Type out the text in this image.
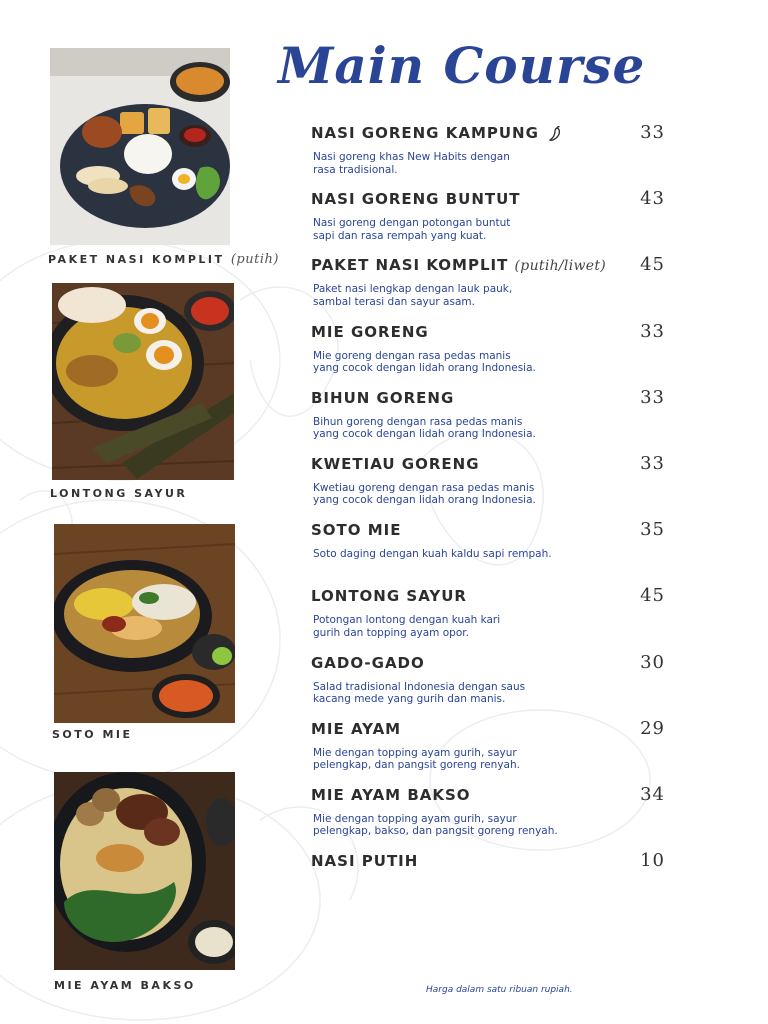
Main Course
PAKET NASI KOMPLIT (putih)
LONTONG SAYUR
SOTO MIE
MIE AYAM BAKSO
NASI GORENG KAMPUNG	33
Nasi goreng khas New Habits dengan
rasa tradisional.
NASI GORENG BUNTUT	43
Nasi goreng dengan potongan buntut
sapi dan rasa rempah yang kuat.
PAKET NASI KOMPLIT (putih/liwet) 45
Paket nasi lengkap dengan lauk pauk,
sambal terasi dan sayur asam.
MIE GORENG	33
Mie goreng dengan rasa pedas manis
yang cocok dengan lidah orang Indonesia.
BIHUN GORENG	33
Bihun goreng dengan rasa pedas manis
yang cocok dengan lidah orang Indonesia.
KWETIAU GORENG	33
Kwetiau goreng dengan rasa pedas manis
yang cocok dengan lidah orang Indonesia.
SOTO MIE	35
Soto daging dengan kuah kaldu sapi rempah.
LONTONG SAYUR	45
Potongan lontong dengan kuah kari
gurih dan topping ayam opor.
GADO-GADO	30
Salad tradisional Indonesia dengan saus
kacang mede yang gurih dan manis.
MIE AYAM	29
Mie dengan topping ayam gurih, sayur
pelengkap, dan pangsit goreng renyah.
MIE AYAM BAKSO	34
Mie dengan topping ayam gurih, sayur
pelengkap, bakso, dan pangsit goreng renyah.
NASI PUTIH	10
Harga dalam satu ribuan rupiah.
